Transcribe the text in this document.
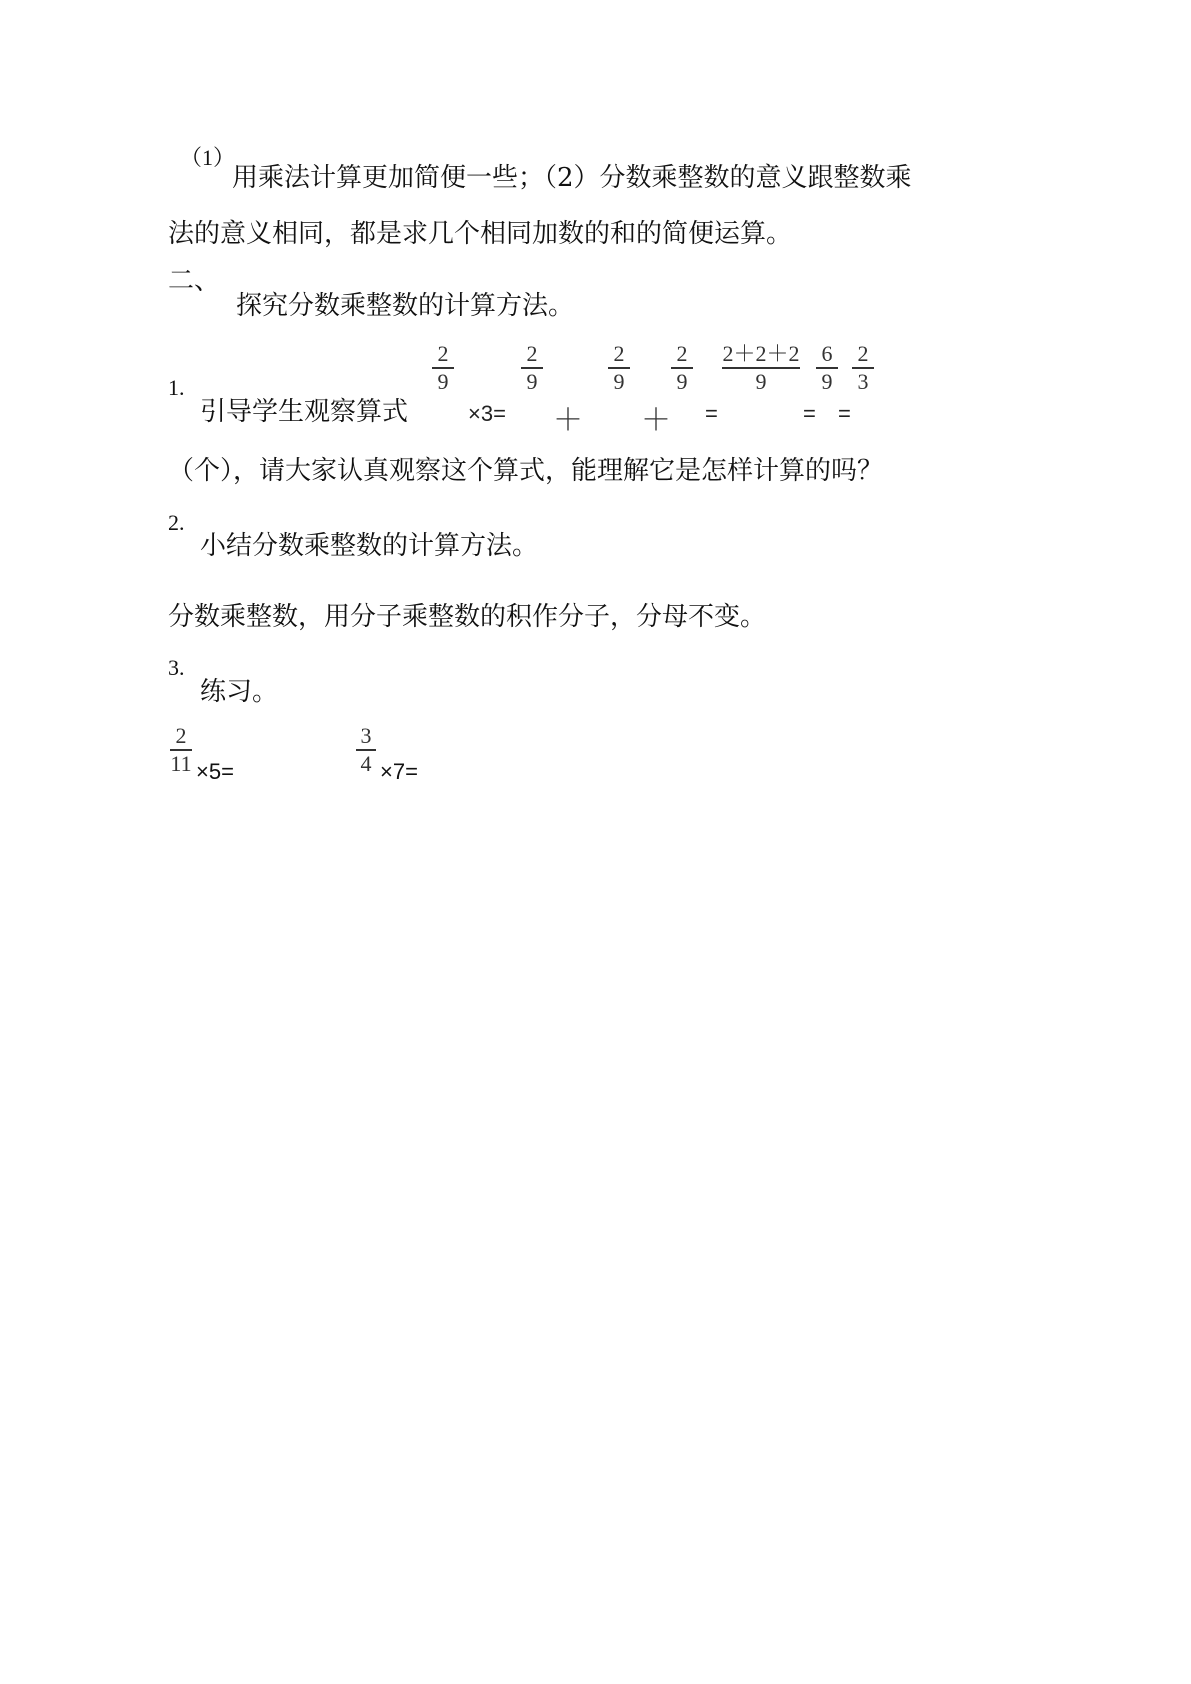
（1）
用乘法计算更加简便一些；（2）分数乘整数的意义跟整数乘
法的意义相同，都是求几个相同加数的和的简便运算。
二、
探究分数乘整数的计算方法。
1.
引导学生观察算式
2
9
×3=
2
9
＋
2
9
＋
2
9
=
2＋2＋2
9
6
9
=
2
3
=
（个），请大家认真观察这个算式，能理解它是怎样计算的吗？
2.
小结分数乘整数的计算方法。
分数乘整数，用分子乘整数的积作分子，分母不变。
3.
练习。
2
11 ×5=
3
4 ×7=
